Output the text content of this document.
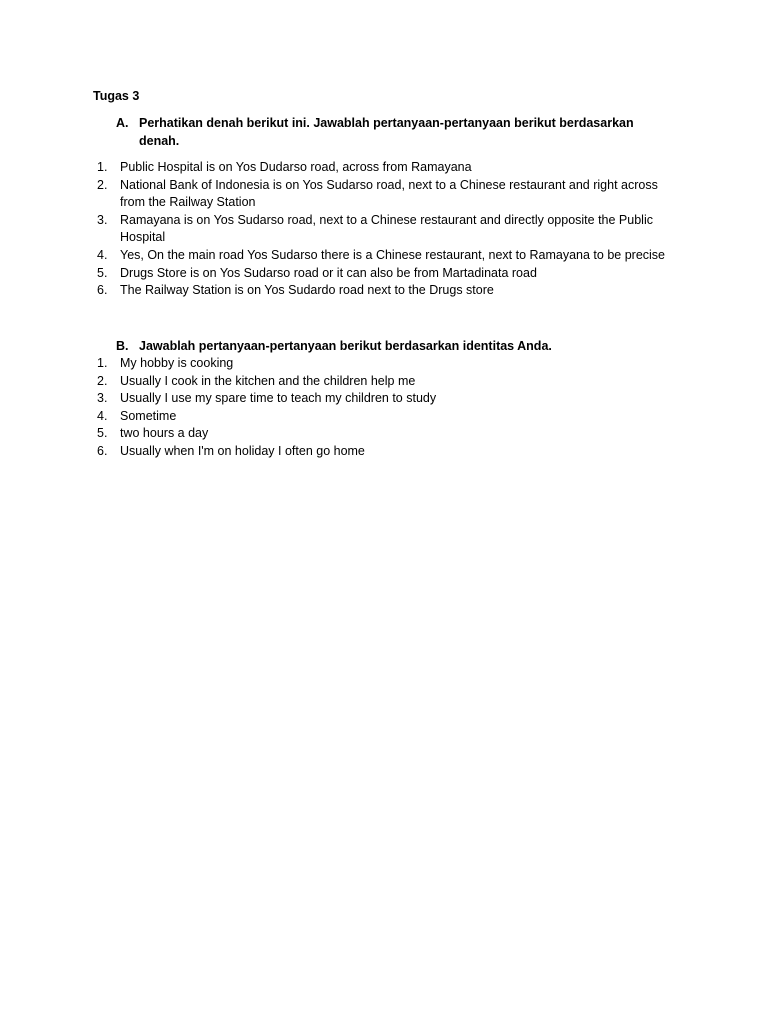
Tugas 3
A. Perhatikan denah berikut ini. Jawablah pertanyaan-pertanyaan berikut berdasarkan denah.
1. Public Hospital is on Yos Dudarso road, across from Ramayana
2. National Bank of Indonesia is on Yos Sudarso road, next to a Chinese restaurant and right across from the Railway Station
3. Ramayana is on Yos Sudarso road, next to a Chinese restaurant and directly opposite the Public Hospital
4. Yes, On the main road Yos Sudarso there is a Chinese restaurant, next to Ramayana to be precise
5. Drugs Store is on Yos Sudarso road or it can also be from Martadinata road
6. The Railway Station is on Yos Sudardo road next to the Drugs store
B. Jawablah pertanyaan-pertanyaan berikut berdasarkan identitas Anda.
1. My hobby is cooking
2. Usually I cook in the kitchen and the children help me
3. Usually I use my spare time to teach my children to study
4. Sometime
5. two hours a day
6. Usually when I'm on holiday I often go home
